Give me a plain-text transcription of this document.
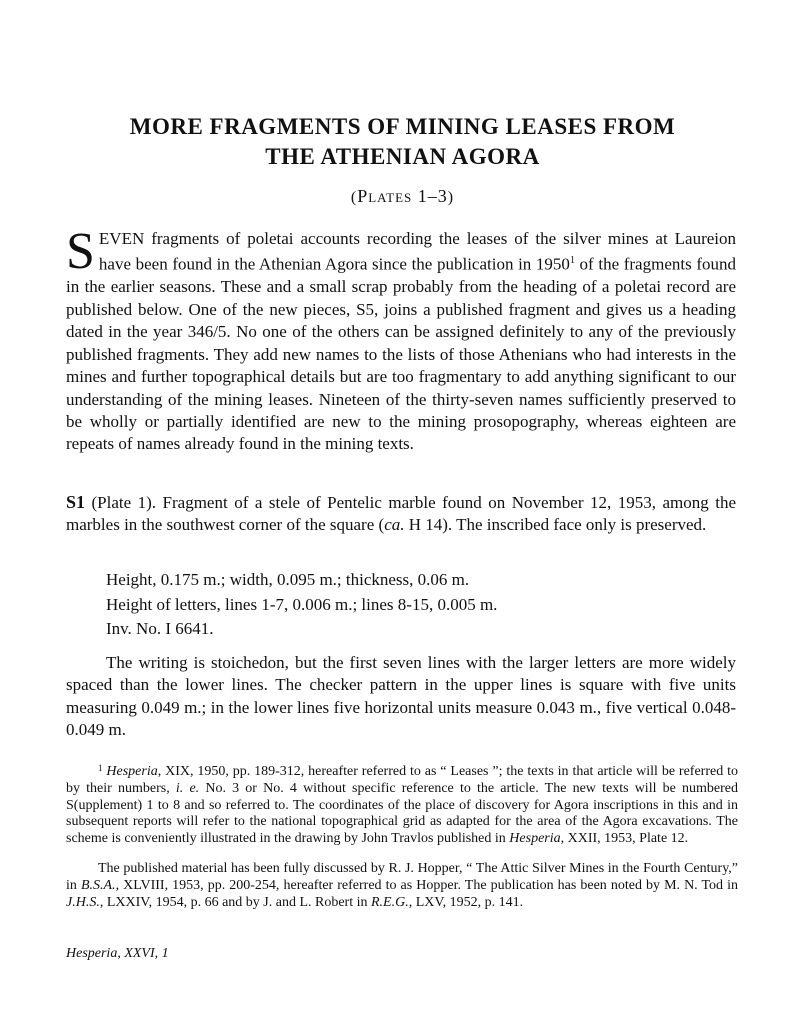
MORE FRAGMENTS OF MINING LEASES FROM
THE ATHENIAN AGORA
(Plates 1–3)

SEVEN fragments of poletai accounts recording the leases of the silver mines at Laureion have been found in the Athenian Agora since the publication in 1950$^1$ of the fragments found in the earlier seasons. These and a small scrap probably from the heading of a poletai record are published below. One of the new pieces, S5, joins a published fragment and gives us a heading dated in the year 346/5. No one of the others can be assigned definitely to any of the previously published fragments. They add new names to the lists of those Athenians who had interests in the mines and further topographical details but are too fragmentary to add anything significant to our understanding of the mining leases. Nineteen of the thirty-seven names sufficiently preserved to be wholly or partially identified are new to the mining prosopography, whereas eighteen are repeats of names already found in the mining texts.

S1 (Plate 1). Fragment of a stele of Pentelic marble found on November 12, 1953, among the marbles in the southwest corner of the square (ca. H 14). The inscribed face only is preserved.

Height, 0.175 m.; width, 0.095 m.; thickness, 0.06 m.

Height of letters, lines 1-7, 0.006 m.; lines 8-15, 0.005 m.

Inv. No. I 6641.

The writing is stoichedon, but the first seven lines with the larger letters are more widely spaced than the lower lines. The checker pattern in the upper lines is square with five units measuring 0.049 m.; in the lower lines five horizontal units measure 0.043 m., five vertical 0.048-0.049 m.

$^1$ Hesperia, XIX, 1950, pp. 189-312, hereafter referred to as “ Leases ”; the texts in that article will be referred to by their numbers, i. e. No. 3 or No. 4 without specific reference to the article. The new texts will be numbered S(upplement) 1 to 8 and so referred to. The coordinates of the place of discovery for Agora inscriptions in this and in subsequent reports will refer to the national topographical grid as adapted for the area of the Agora excavations. The scheme is conveniently illustrated in the drawing by John Travlos published in Hesperia, XXII, 1953, Plate 12.

The published material has been fully discussed by R. J. Hopper, “ The Attic Silver Mines in the Fourth Century,” in B.S.A., XLVIII, 1953, pp. 200-254, hereafter referred to as Hopper. The publication has been noted by M. N. Tod in J.H.S., LXXIV, 1954, p. 66 and by J. and L. Robert in R.E.G., LXV, 1952, p. 141.

Hesperia, XXVI, 1
